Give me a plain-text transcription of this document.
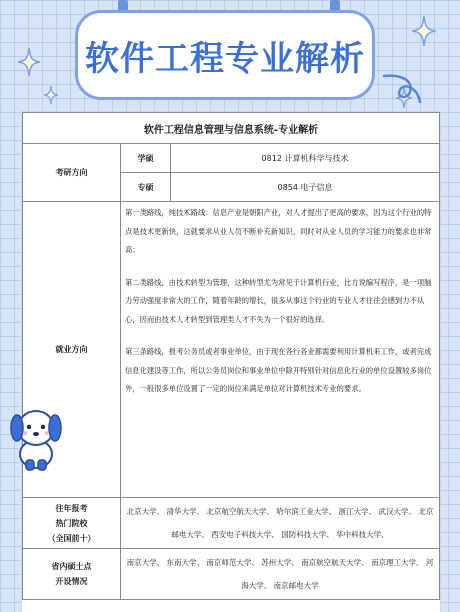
软件工程专业解析
软件工程信息管理与信息系统-专业解析		
考研方向	学硕	0812 计算机科学与技术
	专硕	0854 电子信息
就业方向	第一类路线，纯技术路线：信息产业是朝阳产业，对人才提出了更高的要求，因为这个行业的特点是技术更新快，这就要求从业人员不断补充新知识，同时对从业人员的学习能力的要求也非常高；

第二类路线，由技术转型为管理，这种转型尤为常见于计算机行业，比方说编写程序，是一项脑力劳动强度非常大的工作，随着年龄的增长，很多从事这个行业的专业人才往往会感到力不从心，因而由技术人才转型到管理类人才不失为一个很好的选择。

第三条路线，报考公务员或者事业单位，由于现在各行各业都需要利用计算机来工作，或者完成信息化建设等工作，所以公务员岗位和事业单位中除开特别针对信息化行业的单位设置较多岗位外，一般很多单位设置了一定的岗位来满足单位对计算机技术专业的要求。	

往年报考
热门院校
（全国前十）	北京大学、 清华大学、 北京航空航天大学、 哈尔滨工业大学、 浙江大学、 武汉大学、 北京邮电大学、 西安电子科技大学、 国防科技大学、 华中科技大学、	

省内硕士点
开设情况	南京大学、 东南大学、 南京师范大学、 苏州大学、 南京航空航天大学、 南京理工大学、 河海大学、 南京邮电大学	
